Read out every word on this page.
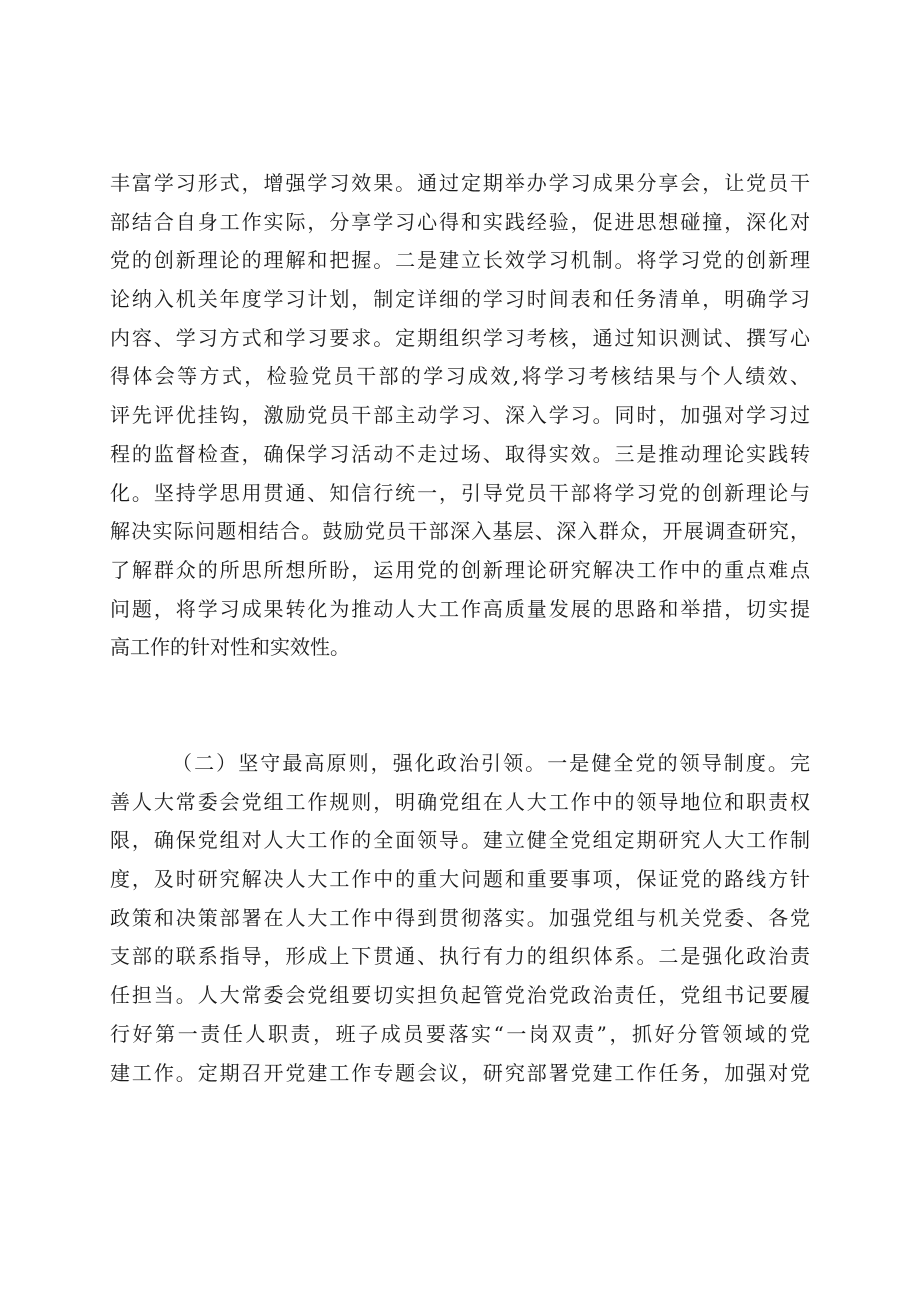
丰富学习形式，增强学习效果。通过定期举办学习成果分享会，让党员干
部结合自身工作实际，分享学习心得和实践经验，促进思想碰撞，深化对
党的创新理论的理解和把握。二是建立长效学习机制。将学习党的创新理
论纳入机关年度学习计划，制定详细的学习时间表和任务清单，明确学习
内容、学习方式和学习要求。定期组织学习考核，通过知识测试、撰写心
得体会等方式，检验党员干部的学习成效,将学习考核结果与个人绩效、
评先评优挂钩，激励党员干部主动学习、深入学习。同时，加强对学习过
程的监督检查，确保学习活动不走过场、取得实效。三是推动理论实践转
化。坚持学思用贯通、知信行统一，引导党员干部将学习党的创新理论与
解决实际问题相结合。鼓励党员干部深入基层、深入群众，开展调查研究，
了解群众的所思所想所盼，运用党的创新理论研究解决工作中的重点难点
问题，将学习成果转化为推动人大工作高质量发展的思路和举措，切实提
高工作的针对性和实效性。
（二）坚守最高原则，强化政治引领。一是健全党的领导制度。完
善人大常委会党组工作规则，明确党组在人大工作中的领导地位和职责权
限，确保党组对人大工作的全面领导。建立健全党组定期研究人大工作制
度，及时研究解决人大工作中的重大问题和重要事项，保证党的路线方针
政策和决策部署在人大工作中得到贯彻落实。加强党组与机关党委、各党
支部的联系指导，形成上下贯通、执行有力的组织体系。二是强化政治责
任担当。人大常委会党组要切实担负起管党治党政治责任，党组书记要履
行好第一责任人职责，班子成员要落实“一岗双责”，抓好分管领域的党
建工作。定期召开党建工作专题会议，研究部署党建工作任务，加强对党
